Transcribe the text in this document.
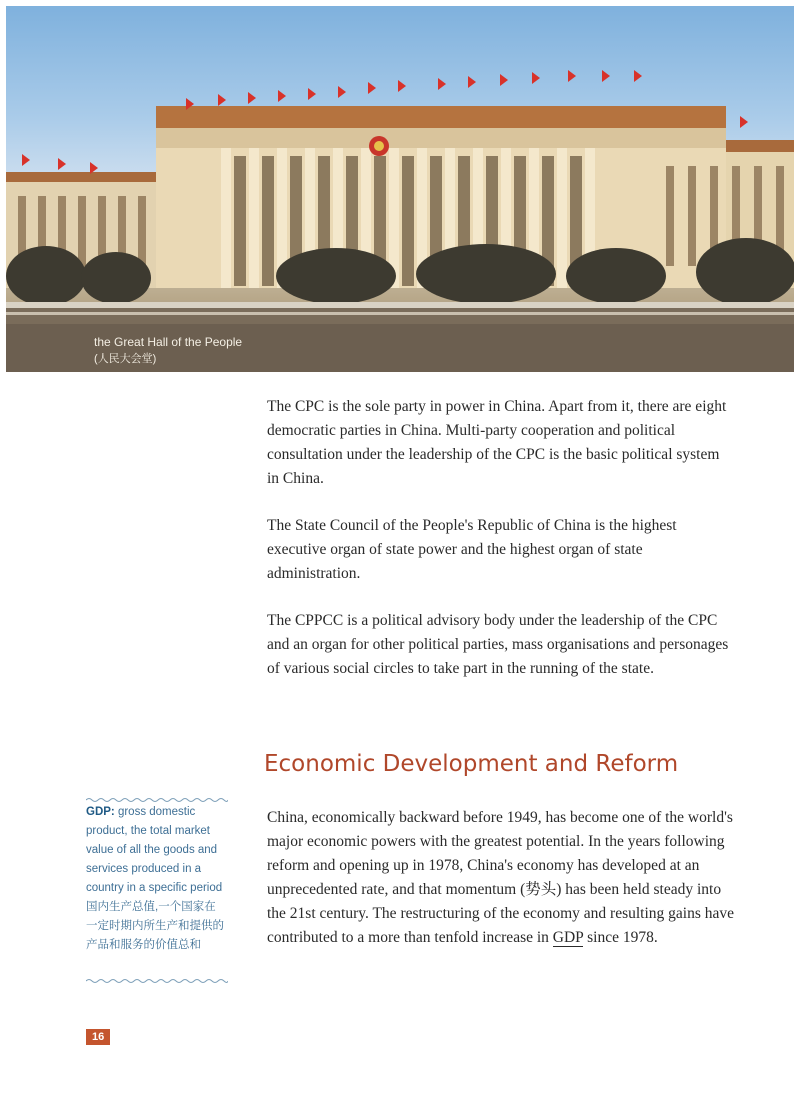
the Great Hall of the People
(人民大会堂)

The CPC is the sole party in power in China. Apart from it, there are eight democratic parties in China. Multi-party cooperation and political consultation under the leadership of the CPC is the basic political system in China.

The State Council of the People's Republic of China is the highest executive organ of state power and the highest organ of state administration.

The CPPCC is a political advisory body under the leadership of the CPC and an organ for other political parties, mass organisations and personages of various social circles to take part in the running of the state.

Economic Development and Reform
GDP: gross domestic product, the total market value of all the goods and services produced in a country in a specific period 国内生产总值,一个国家在一定时期内所生产和提供的产品和服务的价值总和

China, economically backward before 1949, has become one of the world's major economic powers with the greatest potential. In the years following reform and opening up in 1978, China's economy has developed at an unprecedented rate, and that momentum (势头) has been held steady into the 21st century. The restructuring of the economy and resulting gains have contributed to a more than tenfold increase in GDP since 1978.

16
